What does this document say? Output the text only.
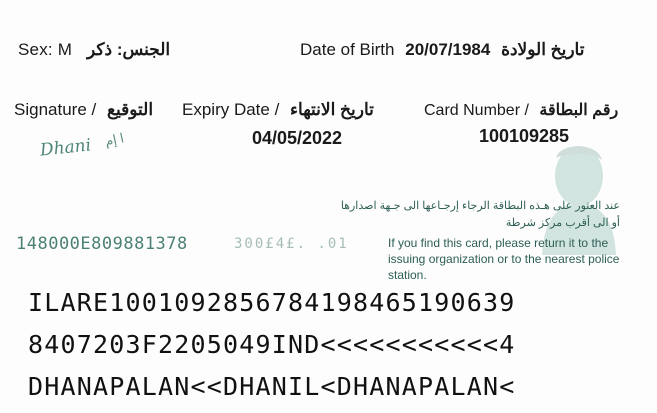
Sex: M الجنس: ذكر	Date of Birth 20/07/1984 تاريخ الولادة
Signature / التوقيع Expiry Date / تاريخ الانتهاء
04/05/2022
Card Number / رقم البطاقة
100109285
Dhani ا إم
عند العثور على هـذه البطاقة الرجاء إرجـاعها الى جـهة اصدارها أو الى أقرب مركز شرطة
If you find this card, please return it to the issuing organization or to the nearest police station.
148000E809881378	300£4£. .01
ILARE1001092856784198465190639
8407203F2205049IND<<<<<<<<<<<4
DHANAPALAN<<DHANIL<DHANAPALAN<
